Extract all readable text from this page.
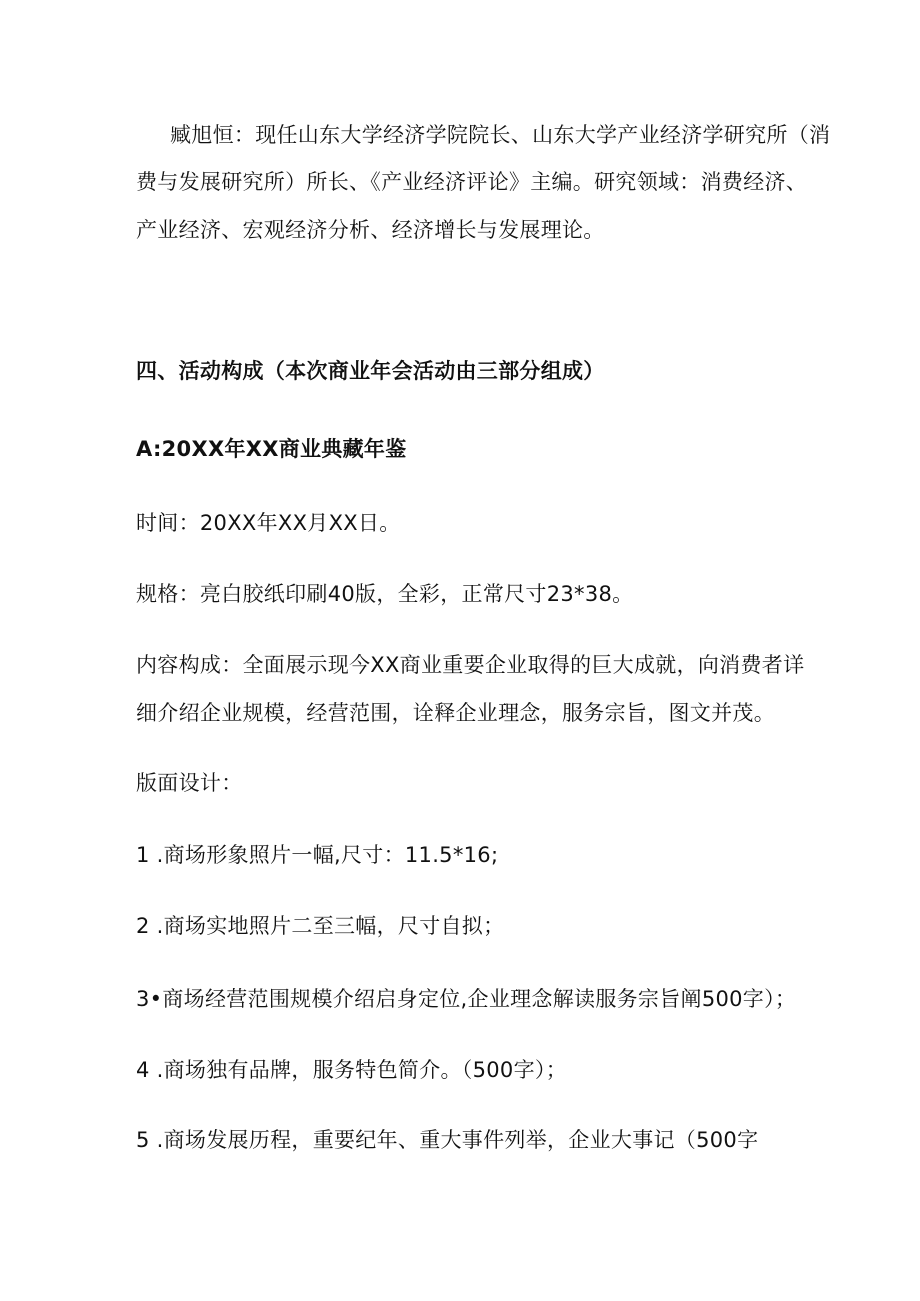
臧旭恒：现任山东大学经济学院院长、山东大学产业经济学研究所（消
费与发展研究所）所长、《产业经济评论》主编。研究领域：消费经济、
产业经济、宏观经济分析、经济增长与发展理论。
四、活动构成（本次商业年会活动由三部分组成）
A:20XX年XX商业典藏年鉴
时间：20XX年XX月XX日。
规格：亮白胶纸印刷40版，全彩，正常尺寸23*38。
内容构成：全面展示现今XX商业重要企业取得的巨大成就，向消费者详
细介绍企业规模，经营范围，诠释企业理念，服务宗旨，图文并茂。
版面设计：
1 .商场形象照片一幅,尺寸：11.5*16;
2 .商场实地照片二至三幅，尺寸自拟；
3•商场经营范围规模介绍启身定位,企业理念解读服务宗旨阐500字）；
4 .商场独有品牌，服务特色简介。（500字）；
5 .商场发展历程，重要纪年、重大事件列举，企业大事记（500字
